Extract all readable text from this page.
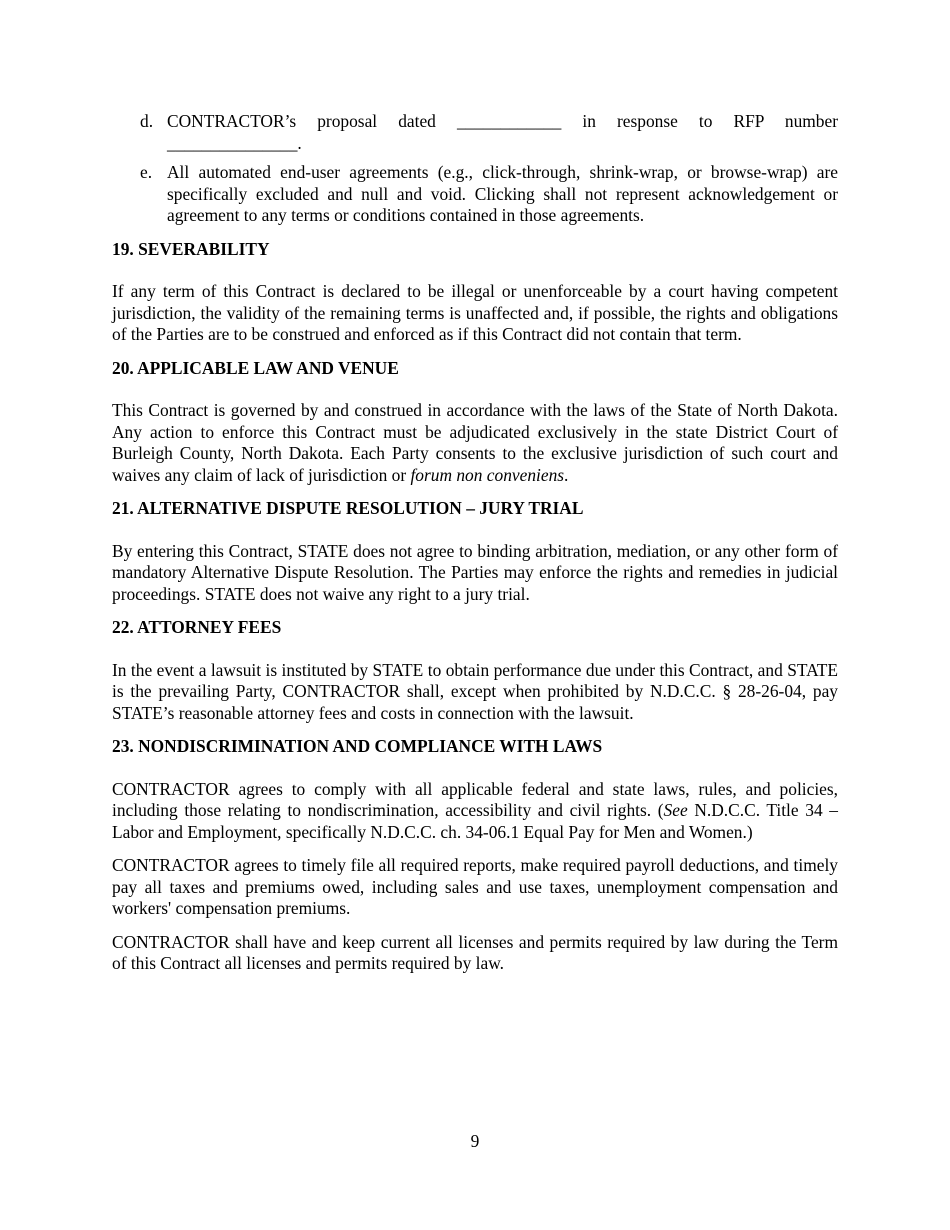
d. CONTRACTOR’s proposal dated ____________ in response to RFP number _______________.

e. All automated end-user agreements (e.g., click-through, shrink-wrap, or browse-wrap) are specifically excluded and null and void. Clicking shall not represent acknowledgement or agreement to any terms or conditions contained in those agreements.

19. SEVERABILITY

If any term of this Contract is declared to be illegal or unenforceable by a court having competent jurisdiction, the validity of the remaining terms is unaffected and, if possible, the rights and obligations of the Parties are to be construed and enforced as if this Contract did not contain that term.

20. APPLICABLE LAW AND VENUE

This Contract is governed by and construed in accordance with the laws of the State of North Dakota. Any action to enforce this Contract must be adjudicated exclusively in the state District Court of Burleigh County, North Dakota. Each Party consents to the exclusive jurisdiction of such court and waives any claim of lack of jurisdiction or forum non conveniens.

21. ALTERNATIVE DISPUTE RESOLUTION – JURY TRIAL

By entering this Contract, STATE does not agree to binding arbitration, mediation, or any other form of mandatory Alternative Dispute Resolution. The Parties may enforce the rights and remedies in judicial proceedings. STATE does not waive any right to a jury trial.

22. ATTORNEY FEES

In the event a lawsuit is instituted by STATE to obtain performance due under this Contract, and STATE is the prevailing Party, CONTRACTOR shall, except when prohibited by N.D.C.C. § 28-26-04, pay STATE’s reasonable attorney fees and costs in connection with the lawsuit.

23. NONDISCRIMINATION AND COMPLIANCE WITH LAWS

CONTRACTOR agrees to comply with all applicable federal and state laws, rules, and policies, including those relating to nondiscrimination, accessibility and civil rights. (See N.D.C.C. Title 34 – Labor and Employment, specifically N.D.C.C. ch. 34-06.1 Equal Pay for Men and Women.)

CONTRACTOR agrees to timely file all required reports, make required payroll deductions, and timely pay all taxes and premiums owed, including sales and use taxes, unemployment compensation and workers' compensation premiums.

CONTRACTOR shall have and keep current all licenses and permits required by law during the Term of this Contract all licenses and permits required by law.

9
